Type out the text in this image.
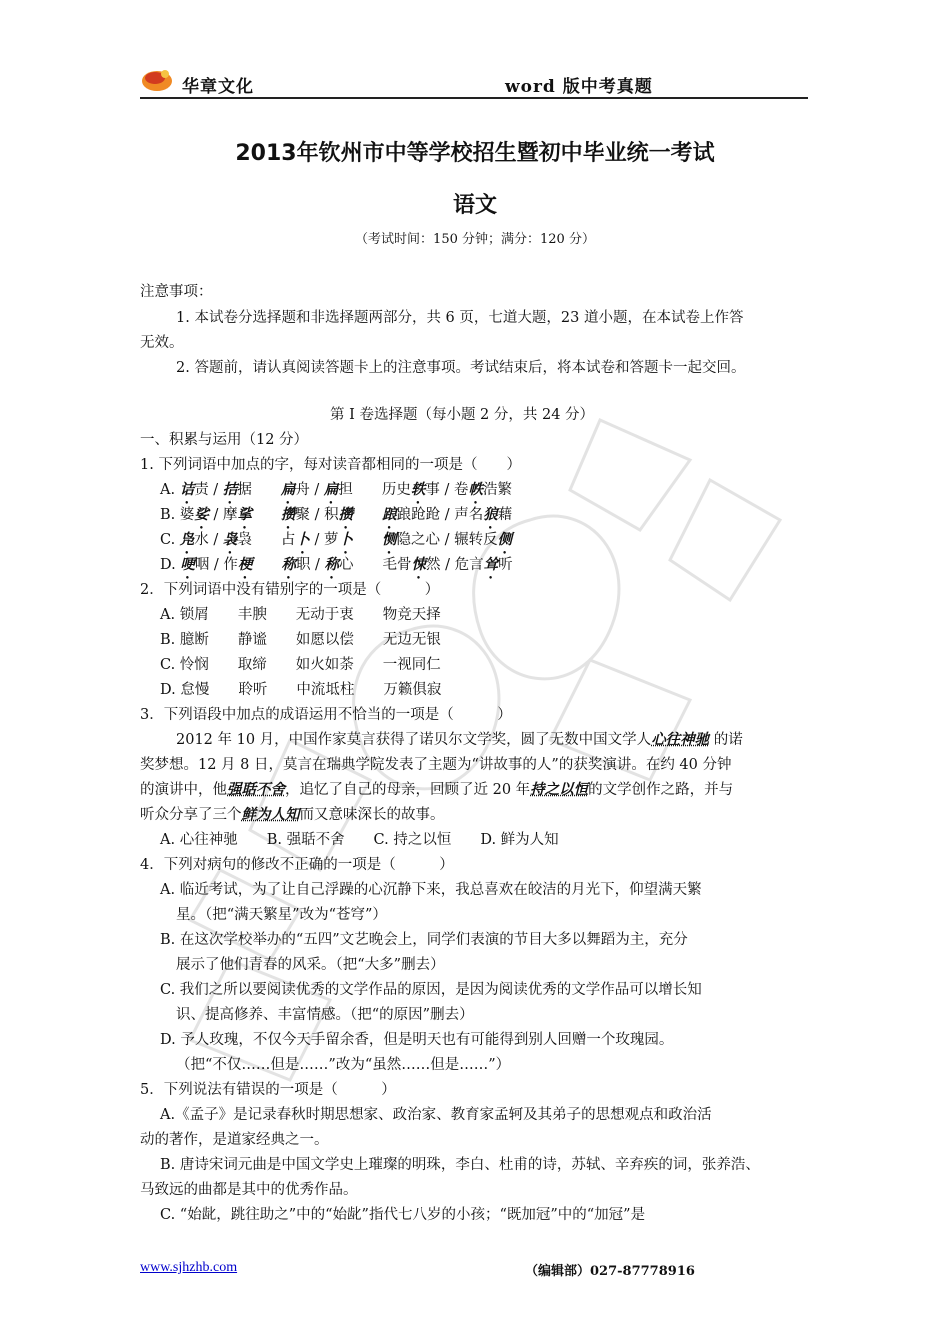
华章文化	word 版中考真题
2013年钦州市中等学校招生暨初中毕业统一考试
语文
（考试时间：150 分钟；满分：120 分）
注意事项：
1. 本试卷分选择题和非选择题两部分，共 6 页，七道大题，23 道小题，在本试卷上作答
无效。
2. 答题前，请认真阅读答题卡上的注意事项。考试结束后，将本试卷和答题卡一起交回。
第 I 卷选择题（每小题 2 分，共 24 分）
一、积累与运用（12 分）
1. 下列词语中加点的字，每对读音都相同的一项是（　　）
A. 诘责 / 拮据　　扁舟 / 扁担　　历史轶事 / 卷帙浩繁
B. 婆娑 / 摩挲　　 攒聚 / 积攒　　 踉踉跄跄 / 声名狼藉
C. 凫水 / 袅袅　　占卜 / 萝卜　　 恻隐之心 / 辗转反侧
D. 哽咽 / 作梗　　 称职 / 称心　　毛骨悚然 / 危言耸听
2．下列词语中没有错别字的一项是（　　　）
A. 锁屑　　丰腴　　无动于衷　　物竞天择
B. 臆断　　静谧　　如愿以偿　　无边无银
C. 怜悯　　取缔　　如火如荼　　一视同仁
D. 怠慢　　聆听　　中流坻柱　　万籁俱寂
3．下列语段中加点的成语运用不恰当的一项是（　　　）
2012 年 10 月，中国作家莫言获得了诺贝尔文学奖，圆了无数中国文学人心往神驰 的诺
奖梦想。12 月 8 日，莫言在瑞典学院发表了主题为“讲故事的人”的获奖演讲。在约 40 分钟
的演讲中，他强聒不舍，追忆了自己的母亲，回顾了近 20 年持之以恒的文学创作之路，并与
听众分享了三个鲜为人知而又意味深长的故事。
A. 心往神驰　　B. 强聒不舍　　C. 持之以恒　　D. 鲜为人知
4．下列对病句的修改不正确的一项是（　　　）
A. 临近考试，为了让自己浮躁的心沉静下来，我总喜欢在皎洁的月光下，仰望满天繁
星。（把“满天繁星”改为“苍穹”）
B. 在这次学校举办的“五四”文艺晚会上，同学们表演的节目大多以舞蹈为主，充分
展示了他们青春的风采。（把“大多”删去）
C. 我们之所以要阅读优秀的文学作品的原因，是因为阅读优秀的文学作品可以增长知
识、提高修养、丰富情感。（把“的原因”删去）
D. 予人玫瑰，不仅今天手留余香，但是明天也有可能得到别人回赠一个玫瑰园。
（把“不仅……但是……”改为“虽然……但是……”）
5．下列说法有错误的一项是（　　　）
A.《孟子》是记录春秋时期思想家、政治家、教育家孟轲及其弟子的思想观点和政治活
动的著作，是道家经典之一。
B. 唐诗宋词元曲是中国文学史上璀璨的明珠，李白、杜甫的诗，苏轼、辛弃疾的词，张养浩、
马致远的曲都是其中的优秀作品。
C. “始龀，跳往助之”中的“始龀”指代七八岁的小孩；“既加冠”中的“加冠”是
www.sjhzhb.com	（编辑部）027-87778916
